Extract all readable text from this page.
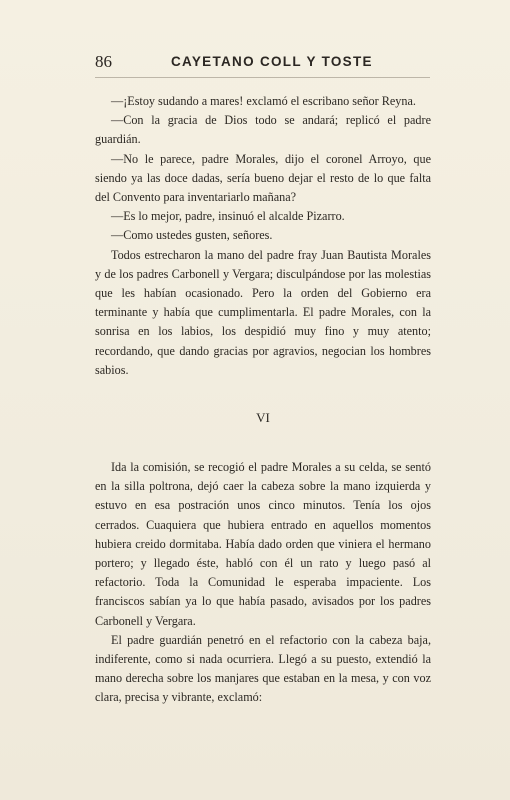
86	CAYETANO COLL Y TOSTE

—¡Estoy sudando a mares! exclamó el escribano señor Reyna.

—Con la gracia de Dios todo se andará; replicó el padre guardián.

—No le parece, padre Morales, dijo el coronel Arroyo, que siendo ya las doce dadas, sería bueno dejar el resto de lo que falta del Convento para inventariarlo mañana?

—Es lo mejor, padre, insinuó el alcalde Pizarro.

—Como ustedes gusten, señores.

Todos estrecharon la mano del padre fray Juan Bautista Morales y de los padres Carbonell y Vergara; disculpándose por las molestias que les habían ocasionado. Pero la orden del Gobierno era terminante y había que cumplimentarla. El padre Morales, con la sonrisa en los labios, los despidió muy fino y muy atento; recordando, que dando gracias por agravios, negocian los hombres sabios.

VI

Ida la comisión, se recogió el padre Morales a su celda, se sentó en la silla poltrona, dejó caer la cabeza sobre la mano izquierda y estuvo en esa postración unos cinco minutos. Tenía los ojos cerrados. Cuaquiera que hubiera entrado en aquellos momentos hubiera creido dormitaba. Había dado orden que viniera el hermano portero; y llegado éste, habló con él un rato y luego pasó al refactorio. Toda la Comunidad le esperaba impaciente. Los franciscos sabían ya lo que había pasado, avisados por los padres Carbonell y Vergara.

El padre guardián penetró en el refactorio con la cabeza baja, indiferente, como si nada ocurriera. Llegó a su puesto, extendió la mano derecha sobre los manjares que estaban en la mesa, y con voz clara, precisa y vibrante, exclamó:
